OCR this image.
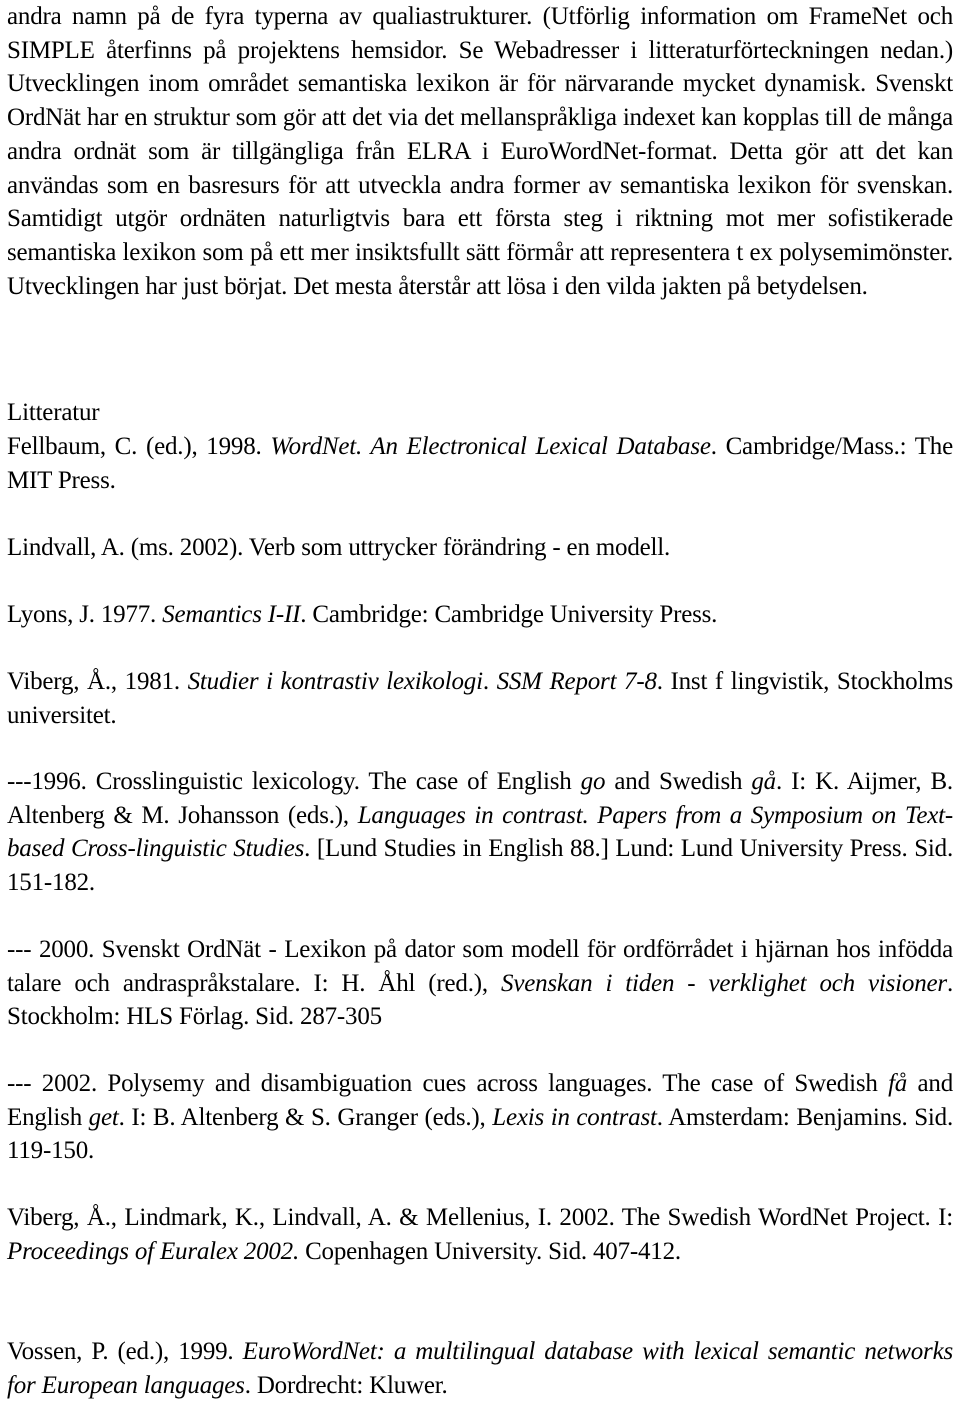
andra namn på de fyra typerna av qualiastrukturer. (Utförlig information om FrameNet och SIMPLE återfinns på projektens hemsidor. Se Webadresser i litteraturförteckningen nedan.) Utvecklingen inom området semantiska lexikon är för närvarande mycket dynamisk. Svenskt OrdNät har en struktur som gör att det via det mellanspråkliga indexet kan kopplas till de många andra ordnät som är tillgängliga från ELRA i EuroWordNet-format. Detta gör att det kan användas som en basresurs för att utveckla andra former av semantiska lexikon för svenskan. Samtidigt utgör ordnäten naturligtvis bara ett första steg i riktning mot mer sofistikerade semantiska lexikon som på ett mer insiktsfullt sätt förmår att representera t ex polysemimönster. Utvecklingen har just börjat. Det mesta återstår att lösa i den vilda jakten på betydelsen.

Litteratur

Fellbaum, C. (ed.), 1998. WordNet. An Electronical Lexical Database. Cambridge/Mass.: The MIT Press.

Lindvall, A. (ms. 2002). Verb som uttrycker förändring - en modell.

Lyons, J. 1977. Semantics I-II. Cambridge: Cambridge University Press.

Viberg, Å., 1981. Studier i kontrastiv lexikologi. SSM Report 7-8. Inst f lingvistik, Stockholms universitet.

---1996. Crosslinguistic lexicology. The case of English go and Swedish gå. I: K. Aijmer, B. Altenberg & M. Johansson (eds.), Languages in contrast. Papers from a Symposium on Text-based Cross-linguistic Studies. [Lund Studies in English 88.] Lund: Lund University Press. Sid. 151-182.

--- 2000. Svenskt OrdNät - Lexikon på dator som modell för ordförrådet i hjärnan hos infödda talare och andraspråkstalare. I: H. Åhl (red.), Svenskan i tiden - verklighet och visioner. Stockholm: HLS Förlag. Sid. 287-305

--- 2002. Polysemy and disambiguation cues across languages. The case of Swedish få and English get. I: B. Altenberg & S. Granger (eds.), Lexis in contrast. Amsterdam: Benjamins. Sid. 119-150.

Viberg, Å., Lindmark, K., Lindvall, A. & Mellenius, I. 2002. The Swedish WordNet Project. I: Proceedings of Euralex 2002. Copenhagen University. Sid. 407-412.

Vossen, P. (ed.), 1999. EuroWordNet: a multilingual database with lexical semantic networks for European languages. Dordrecht: Kluwer.
